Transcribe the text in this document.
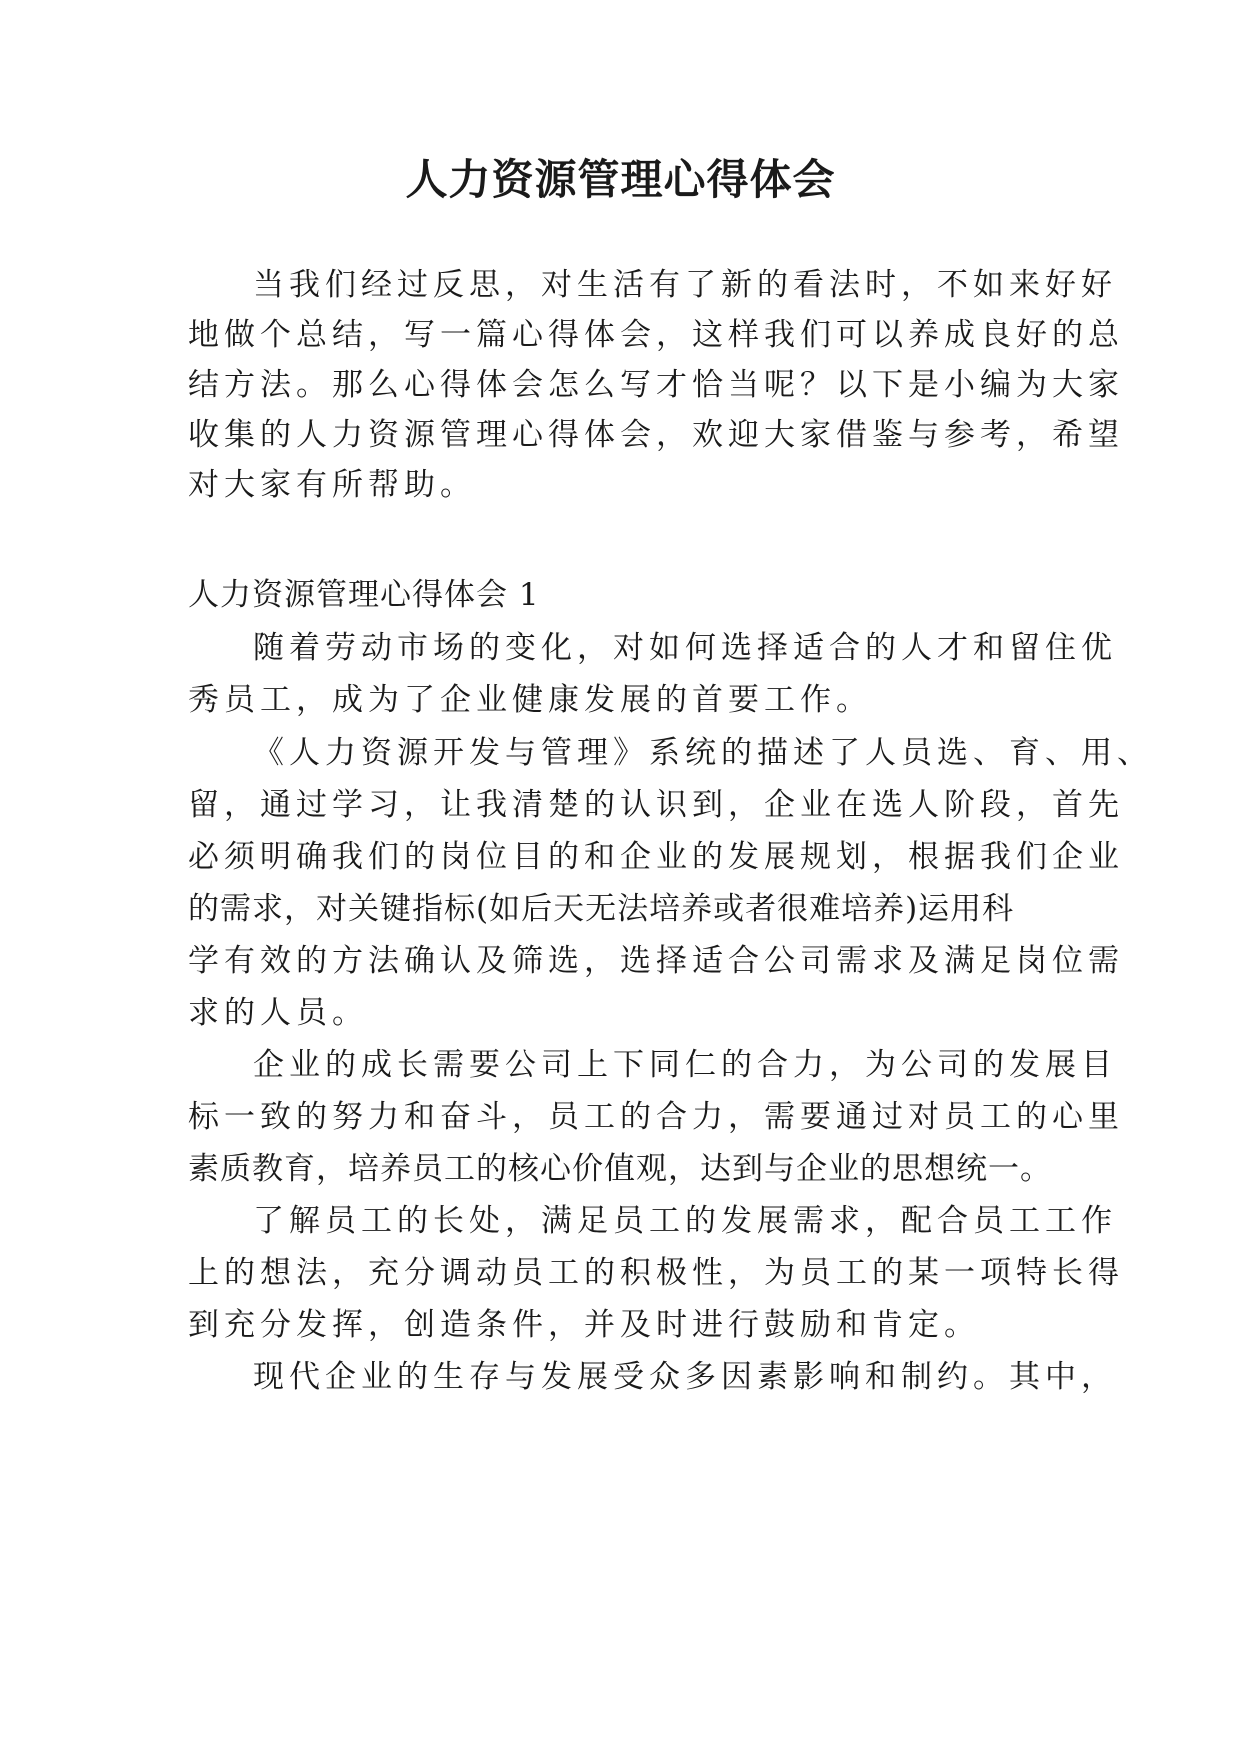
人力资源管理心得体会
当我们经过反思，对生活有了新的看法时，不如来好好
地做个总结，写一篇心得体会，这样我们可以养成良好的总
结方法。那么心得体会怎么写才恰当呢？以下是小编为大家
收集的人力资源管理心得体会，欢迎大家借鉴与参考，希望
对大家有所帮助。
人力资源管理心得体会 1
随着劳动市场的变化，对如何选择适合的人才和留住优
秀员工，成为了企业健康发展的首要工作。
《人力资源开发与管理》系统的描述了人员选、育、用、
留，通过学习，让我清楚的认识到，企业在选人阶段，首先
必须明确我们的岗位目的和企业的发展规划，根据我们企业
的需求，对关键指标(如后天无法培养或者很难培养)运用科
学有效的方法确认及筛选，选择适合公司需求及满足岗位需
求的人员。
企业的成长需要公司上下同仁的合力，为公司的发展目
标一致的努力和奋斗，员工的合力，需要通过对员工的心里
素质教育，培养员工的核心价值观，达到与企业的思想统一。
了解员工的长处，满足员工的发展需求，配合员工工作
上的想法，充分调动员工的积极性，为员工的某一项特长得
到充分发挥，创造条件，并及时进行鼓励和肯定。
现代企业的生存与发展受众多因素影响和制约。其中，
